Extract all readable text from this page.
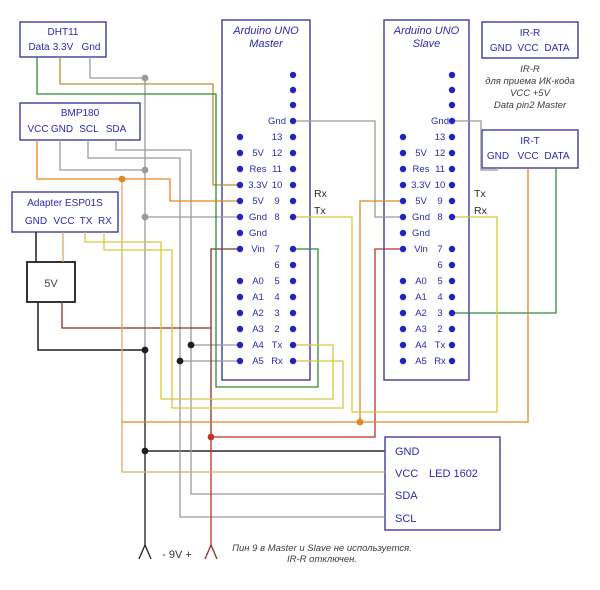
Arduino UNO
Master
Gnd
13
5V 12
Res 11
3.3V 10
5V 9
Gnd 8
Gnd
Vin 7
6
A0 5
A1 4
A2 3
A3 2
A4 Tx
A5 Rx
Rx
Tx
Arduino UNO
Slave
Gnd
13
5V 12
Res 11
3.3V 10
5V 9
Gnd 8
Gnd
Vin 7
6
A0 5
A1 4
A2 3
A3 2
A4 Tx
A5 Rx
Tx
Rx
DHT11
Data 3.3V Gnd
BMP180
VCC GND SCL SDA
Adapter ESP01S
GND VCC TX RX
5V
IR-R
GND VCC DATA
IR-R
для приема ИК-кода
VCC +5V
Data pin2 Master
IR-T
GND VCC DATA
GND
VCC
SDA
SCL
LED 1602
- 9V +
Пин 9 в Master и Slave не используется.
IR-R отключен.
